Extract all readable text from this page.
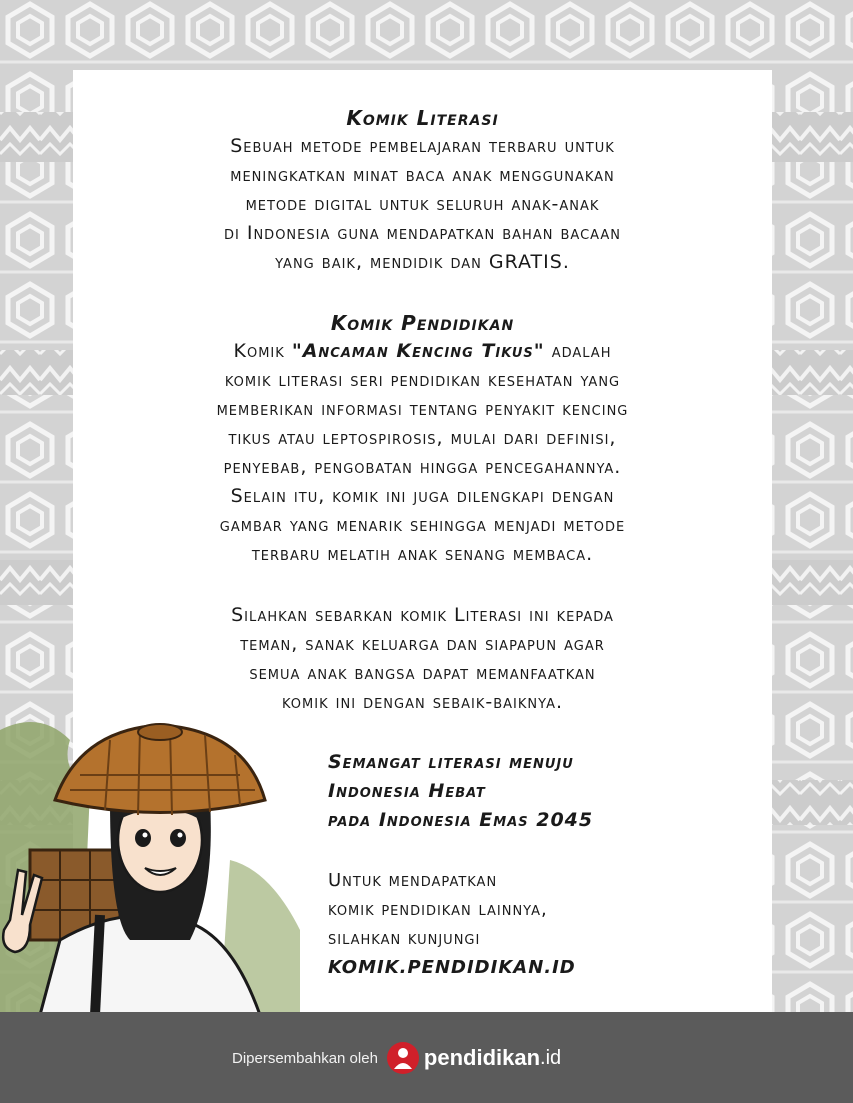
Komik Literasi
Sebuah metode pembelajaran terbaru untuk
meningkatkan minat baca anak menggunakan
metode digital untuk seluruh anak-anak
di Indonesia guna mendapatkan bahan bacaan
yang baik, mendidik dan GRATIS.
Komik Pendidikan
Komik "Ancaman Kencing Tikus" adalah
komik literasi seri pendidikan kesehatan yang
memberikan informasi tentang penyakit kencing
tikus atau leptospirosis, mulai dari definisi,
penyebab, pengobatan hingga pencegahannya.
Selain itu, komik ini juga dilengkapi dengan
gambar yang menarik sehingga menjadi metode
terbaru melatih anak senang membaca.
Silahkan sebarkan komik Literasi ini kepada
teman, sanak keluarga dan siapapun agar
semua anak bangsa dapat memanfaatkan
komik ini dengan sebaik-baiknya.
Semangat literasi menuju
Indonesia Hebat
pada Indonesia Emas 2045
Untuk mendapatkan
komik pendidikan lainnya,
silahkan kunjungi
KOMIK.PENDIDIKAN.ID
Dipersembahkan oleh pendidikan .id
